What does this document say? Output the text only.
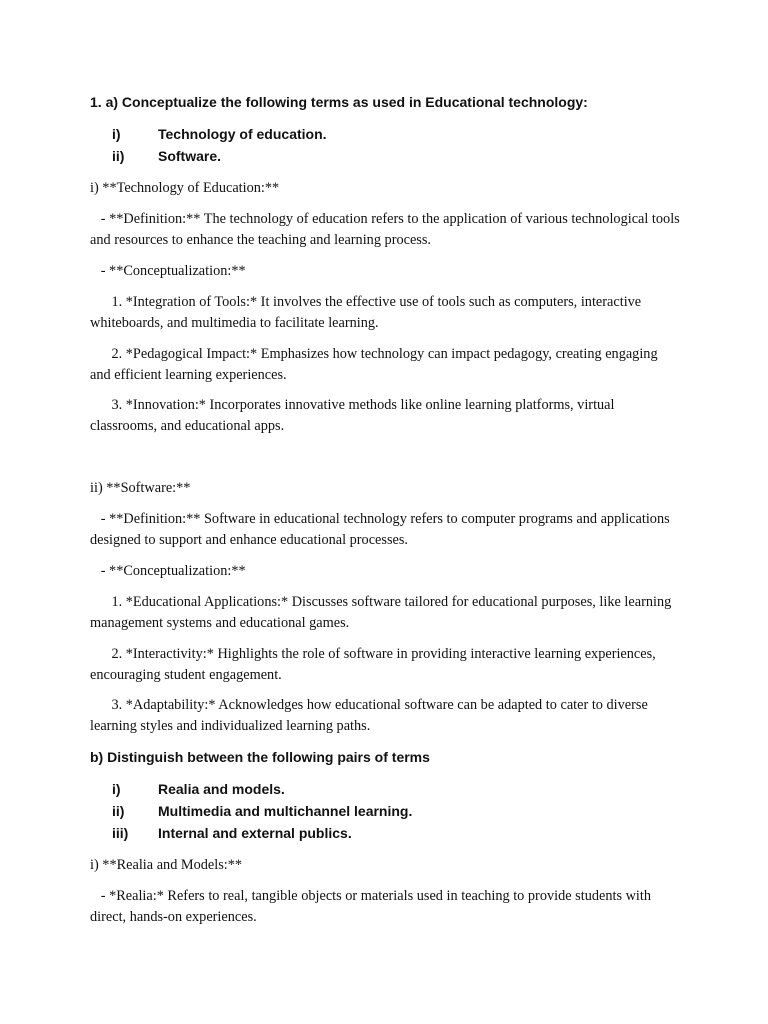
1. a) Conceptualize the following terms as used in Educational technology:
i)	Technology of education.
ii) Software.
i) **Technology of Education:**

- **Definition:** The technology of education refers to the application of various technological tools and resources to enhance the teaching and learning process.

- **Conceptualization:**

1. *Integration of Tools:* It involves the effective use of tools such as computers, interactive whiteboards, and multimedia to facilitate learning.

2. *Pedagogical Impact:* Emphasizes how technology can impact pedagogy, creating engaging and efficient learning experiences.

3. *Innovation:* Incorporates innovative methods like online learning platforms, virtual classrooms, and educational apps.

ii) **Software:**

- **Definition:** Software in educational technology refers to computer programs and applications designed to support and enhance educational processes.

- **Conceptualization:**

1. *Educational Applications:* Discusses software tailored for educational purposes, like learning management systems and educational games.

2. *Interactivity:* Highlights the role of software in providing interactive learning experiences, encouraging student engagement.

3. *Adaptability:* Acknowledges how educational software can be adapted to cater to diverse learning styles and individualized learning paths.

b) Distinguish between the following pairs of terms
i)	Realia and models.
ii) Multimedia and multichannel learning.
iii) Internal and external publics.
i) **Realia and Models:**

- *Realia:* Refers to real, tangible objects or materials used in teaching to provide students with direct, hands-on experiences.
